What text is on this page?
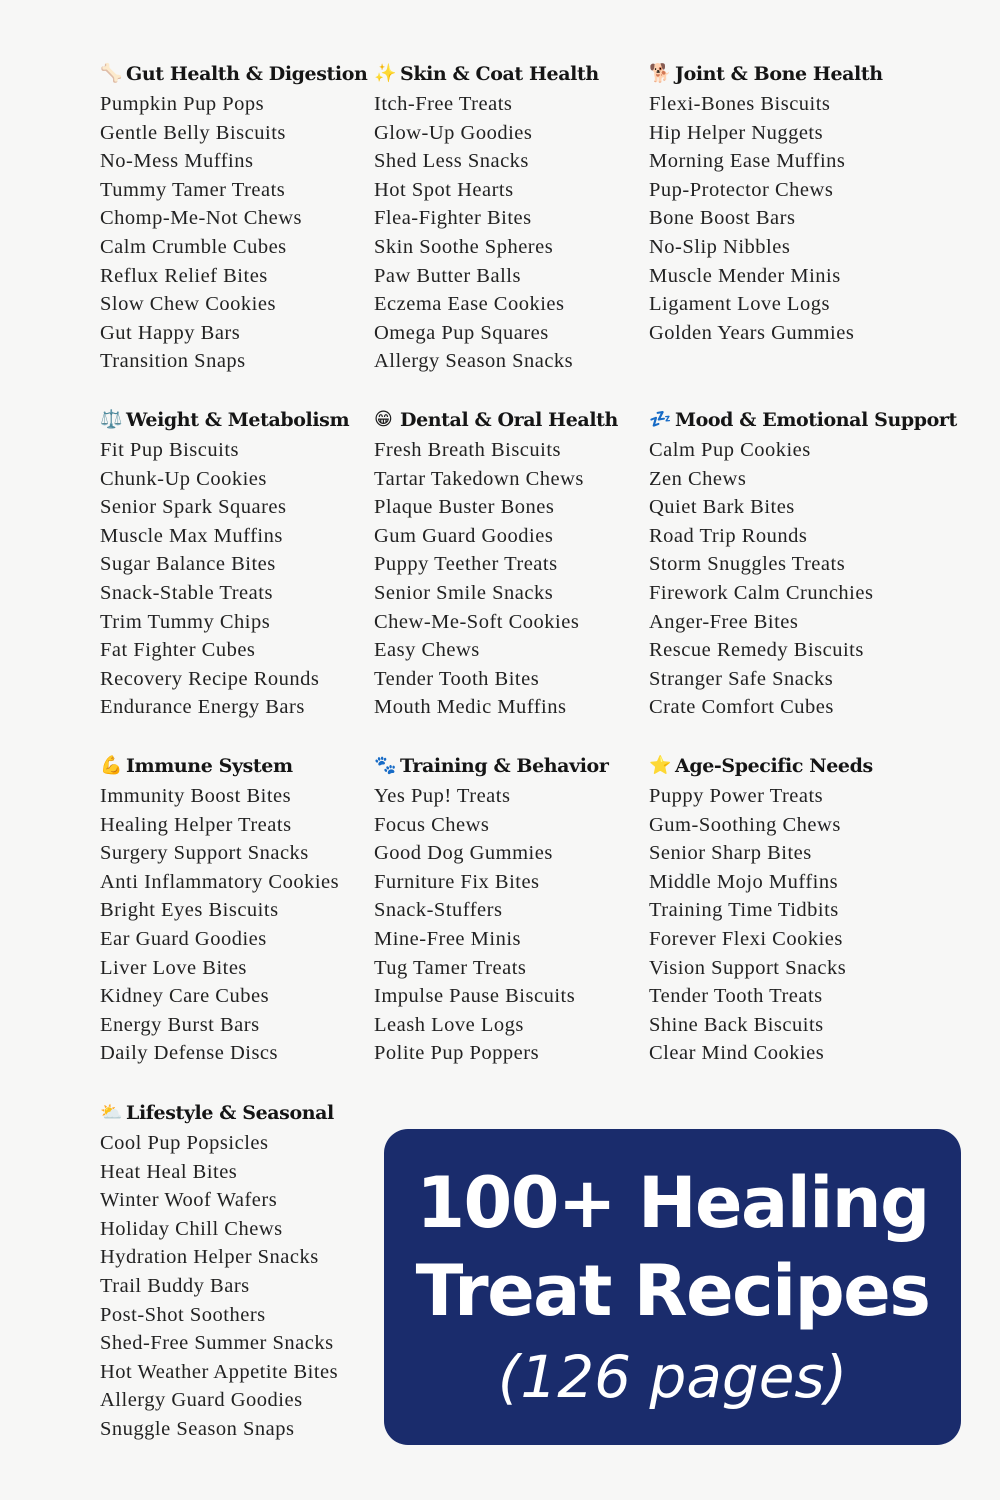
🦴 Gut Health & Digestion
Pumpkin Pup Pops
Gentle Belly Biscuits
No-Mess Muffins
Tummy Tamer Treats
Chomp-Me-Not Chews
Calm Crumble Cubes
Reflux Relief Bites
Slow Chew Cookies
Gut Happy Bars
Transition Snaps
✨ Skin & Coat Health
Itch-Free Treats
Glow-Up Goodies
Shed Less Snacks
Hot Spot Hearts
Flea-Fighter Bites
Skin Soothe Spheres
Paw Butter Balls
Eczema Ease Cookies
Omega Pup Squares
Allergy Season Snacks
🐕 Joint & Bone Health
Flexi-Bones Biscuits
Hip Helper Nuggets
Morning Ease Muffins
Pup-Protector Chews
Bone Boost Bars
No-Slip Nibbles
Muscle Mender Minis
Ligament Love Logs
Golden Years Gummies
⚖️ Weight & Metabolism
Fit Pup Biscuits
Chunk-Up Cookies
Senior Spark Squares
Muscle Max Muffins
Sugar Balance Bites
Snack-Stable Treats
Trim Tummy Chips
Fat Fighter Cubes
Recovery Recipe Rounds
Endurance Energy Bars
😁 Dental & Oral Health
Fresh Breath Biscuits
Tartar Takedown Chews
Plaque Buster Bones
Gum Guard Goodies
Puppy Teether Treats
Senior Smile Snacks
Chew-Me-Soft Cookies
Easy Chews
Tender Tooth Bites
Mouth Medic Muffins
💤 Mood & Emotional Support
Calm Pup Cookies
Zen Chews
Quiet Bark Bites
Road Trip Rounds
Storm Snuggles Treats
Firework Calm Crunchies
Anger-Free Bites
Rescue Remedy Biscuits
Stranger Safe Snacks
Crate Comfort Cubes
💪 Immune System
Immunity Boost Bites
Healing Helper Treats
Surgery Support Snacks
Anti Inflammatory Cookies
Bright Eyes Biscuits
Ear Guard Goodies
Liver Love Bites
Kidney Care Cubes
Energy Burst Bars
Daily Defense Discs
🐾 Training & Behavior
Yes Pup! Treats
Focus Chews
Good Dog Gummies
Furniture Fix Bites
Snack-Stuffers
Mine-Free Minis
Tug Tamer Treats
Impulse Pause Biscuits
Leash Love Logs
Polite Pup Poppers
⭐ Age-Specific Needs
Puppy Power Treats
Gum-Soothing Chews
Senior Sharp Bites
Middle Mojo Muffins
Training Time Tidbits
Forever Flexi Cookies
Vision Support Snacks
Tender Tooth Treats
Shine Back Biscuits
Clear Mind Cookies
⛅ Lifestyle & Seasonal
Cool Pup Popsicles
Heat Heal Bites
Winter Woof Wafers
Holiday Chill Chews
Hydration Helper Snacks
Trail Buddy Bars
Post-Shot Soothers
Shed-Free Summer Snacks
Hot Weather Appetite Bites
Allergy Guard Goodies
Snuggle Season Snaps
100+ Healing
Treat Recipes
(126 pages)
